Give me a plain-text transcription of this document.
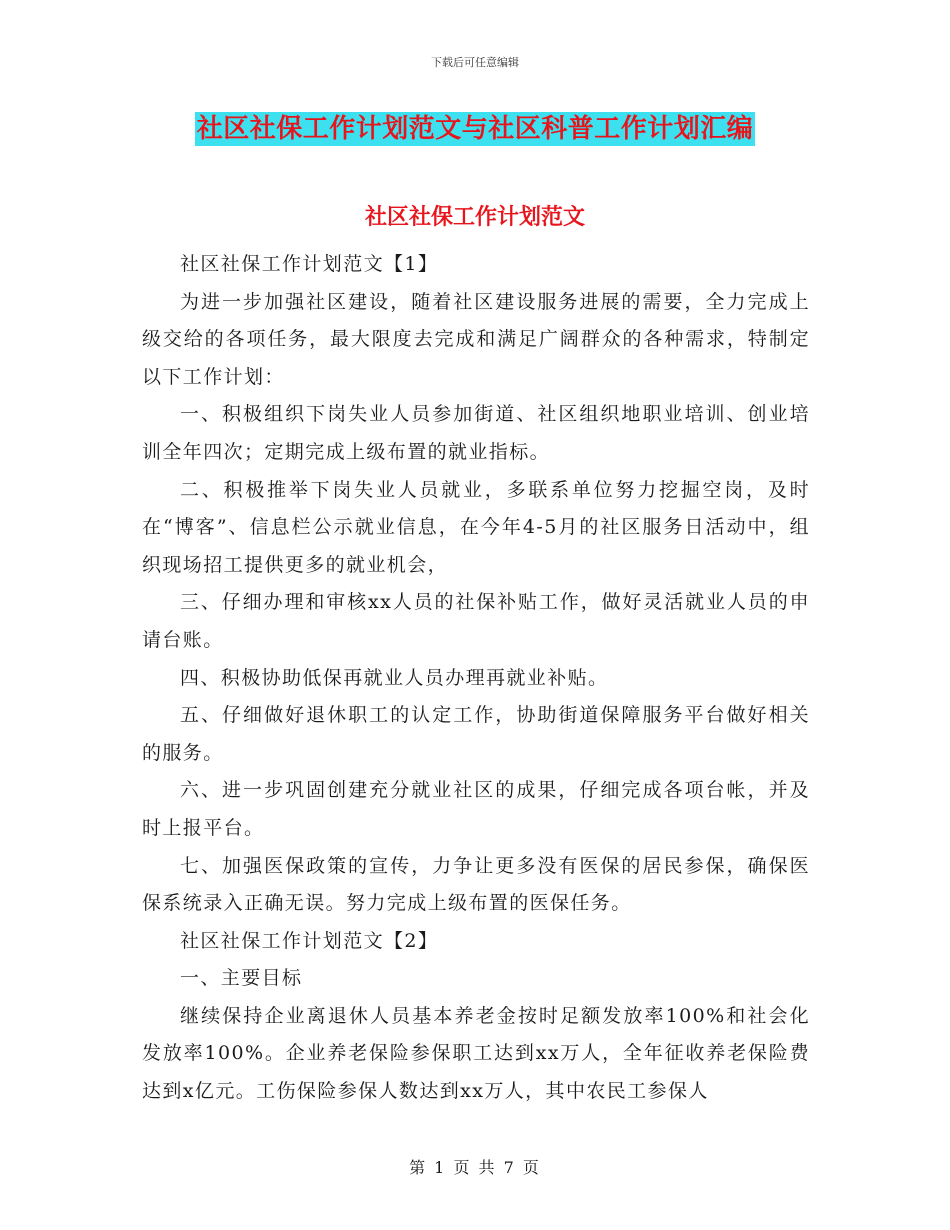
下载后可任意编辑
社区社保工作计划范文与社区科普工作计划汇编
社区社保工作计划范文

社区社保工作计划范文【1】

为进一步加强社区建设，随着社区建设服务进展的需要，全力完成上级交给的各项任务，最大限度去完成和满足广阔群众的各种需求，特制定以下工作计划：

一、积极组织下岗失业人员参加街道、社区组织地职业培训、创业培训全年四次；定期完成上级布置的就业指标。

二、积极推举下岗失业人员就业，多联系单位努力挖掘空岗，及时在“博客”、信息栏公示就业信息，在今年4-5月的社区服务日活动中，组织现场招工提供更多的就业机会，

三、仔细办理和审核xx人员的社保补贴工作，做好灵活就业人员的申请台账。

四、积极协助低保再就业人员办理再就业补贴。

五、仔细做好退休职工的认定工作，协助街道保障服务平台做好相关的服务。

六、进一步巩固创建充分就业社区的成果，仔细完成各项台帐，并及时上报平台。

七、加强医保政策的宣传，力争让更多没有医保的居民参保，确保医保系统录入正确无误。努力完成上级布置的医保任务。

社区社保工作计划范文【2】

一、主要目标

继续保持企业离退休人员基本养老金按时足额发放率100%和社会化发放率100%。企业养老保险参保职工达到xx万人，全年征收养老保险费达到x亿元。工伤保险参保人数达到xx万人，其中农民工参保人

第 1 页 共 7 页
